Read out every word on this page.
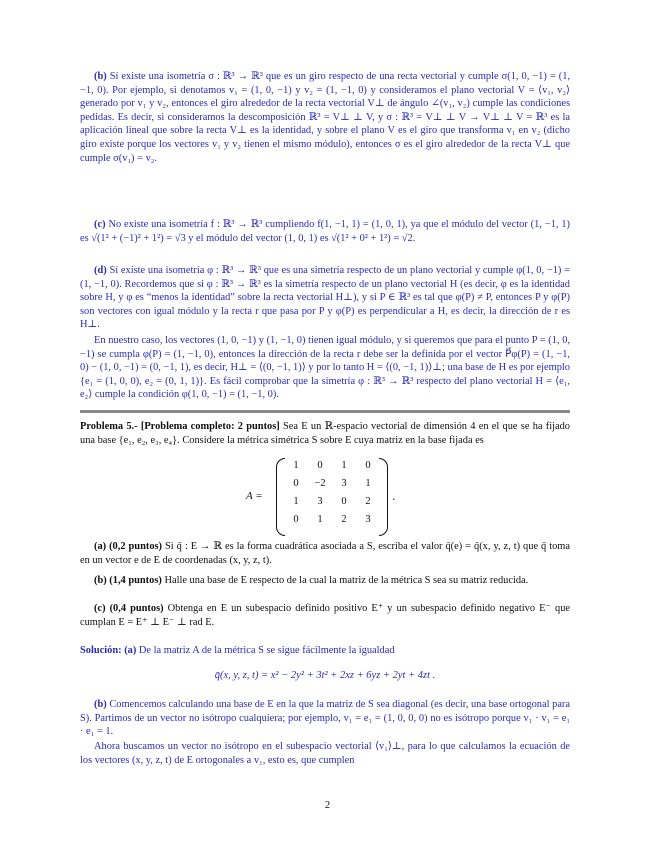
(b) Sí existe una isometría σ : ℝ³ → ℝ³ que es un giro respecto de una recta vectorial y cumple σ(1, 0, −1) = (1, −1, 0). Por ejemplo, si denotamos v₁ = (1, 0, −1) y v₂ = (1, −1, 0) y consideramos el plano vectorial V = ⟨v₁, v₂⟩ generado por v₁ y v₂, entonces el giro alrededor de la recta vectorial V⊥ de ángulo ∠(v₁, v₂) cumple las condiciones pedidas. Es decir, si consideramos la descomposición ℝ³ = V⊥ ⊥ V, y σ : ℝ³ = V⊥ ⊥ V → V⊥ ⊥ V = ℝ³ es la aplicación lineal que sobre la recta V⊥ es la identidad, y sobre el plano V es el giro que transforma v₁ en v₂ (dicho giro existe porque los vectores v₁ y v₂ tienen el mismo módulo), entonces σ es el giro alrededor de la recta V⊥ que cumple σ(v₁) = v₂.
(c) No existe una isometría f : ℝ³ → ℝ³ cumpliendo f(1, −1, 1) = (1, 0, 1), ya que el módulo del vector (1, −1, 1) es √(1² + (−1)² + 1²) = √3 y el módulo del vector (1, 0, 1) es √(1² + 0² + 1²) = √2.
(d) Sí existe una isometría φ : ℝ³ → ℝ³ que es una simetría respecto de un plano vectorial y cumple φ(1, 0, −1) = (1, −1, 0). Recordemos que si φ : ℝ³ → ℝ³ es la simetría respecto de un plano vectorial H (es decir, φ es la identidad sobre H, y φ es “menos la identidad” sobre la recta vectorial H⊥), y si P ∈ ℝ³ es tal que φ(P) ≠ P, entonces P y φ(P) son vectores con igual módulo y la recta r que pasa por P y φ(P) es perpendicular a H, es decir, la dirección de r es H⊥.
En nuestro caso, los vectores (1, 0, −1) y (1, −1, 0) tienen igual módulo, y si queremos que para el punto P = (1, 0, −1) se cumpla φ(P) = (1, −1, 0), entonces la dirección de la recta r debe ser la definida por el vector P⃗φ(P) = (1, −1, 0) − (1, 0, −1) = (0, −1, 1), es decir, H⊥ = ⟨(0, −1, 1)⟩ y por lo tanto H = ⟨(0, −1, 1)⟩⊥; una base de H es por ejemplo {e₁ = (1, 0, 0), e₂ = (0, 1, 1)}. Es fácil comprobar que la simetría φ : ℝ³ → ℝ³ respecto del plano vectorial H = ⟨e₁, e₂⟩ cumple la condición φ(1, 0, −1) = (1, −1, 0).
Problema 5.- [Problema completo: 2 puntos] Sea E un ℝ-espacio vectorial de dimensión 4 en el que se ha fijado una base {e₁, e₂, e₃, e₄}. Considere la métrica simétrica S sobre E cuya matriz en la base fijada es
A =
1	0	1	0
0	−2	3	1
1	3	0	2
0	1	2	3
.
(a) (0,2 puntos) Si q̄ : E → ℝ es la forma cuadrática asociada a S, escriba el valor q̄(e) = q̄(x, y, z, t) que q̄ toma en un vector e de E de coordenadas (x, y, z, t).
(b) (1,4 puntos) Halle una base de E respecto de la cual la matriz de la métrica S sea su matriz reducida.
(c) (0,4 puntos) Obtenga en E un subespacio definido positivo E⁺ y un subespacio definido negativo E⁻ que cumplan E = E⁺ ⊥ E⁻ ⊥ rad E.
Solución: (a) De la matriz A de la métrica S se sigue fácilmente la igualdad
q̄(x, y, z, t) = x² − 2y² + 3t² + 2xz + 6yz + 2yt + 4zt .
(b) Comencemos calculando una base de E en la que la matriz de S sea diagonal (es decir, una base ortogonal para S). Partimos de un vector no isótropo cualquiera; por ejemplo, v₁ = e₁ = (1, 0, 0, 0) no es isótropo porque v₁ · v₁ = e₁ · e₁ = 1.
Ahora buscamos un vector no isótropo en el subespacio vectorial ⟨v₁⟩⊥, para lo que calculamos la ecuación de los vectores (x, y, z, t) de E ortogonales a v₁, esto es, que cumplen
2
